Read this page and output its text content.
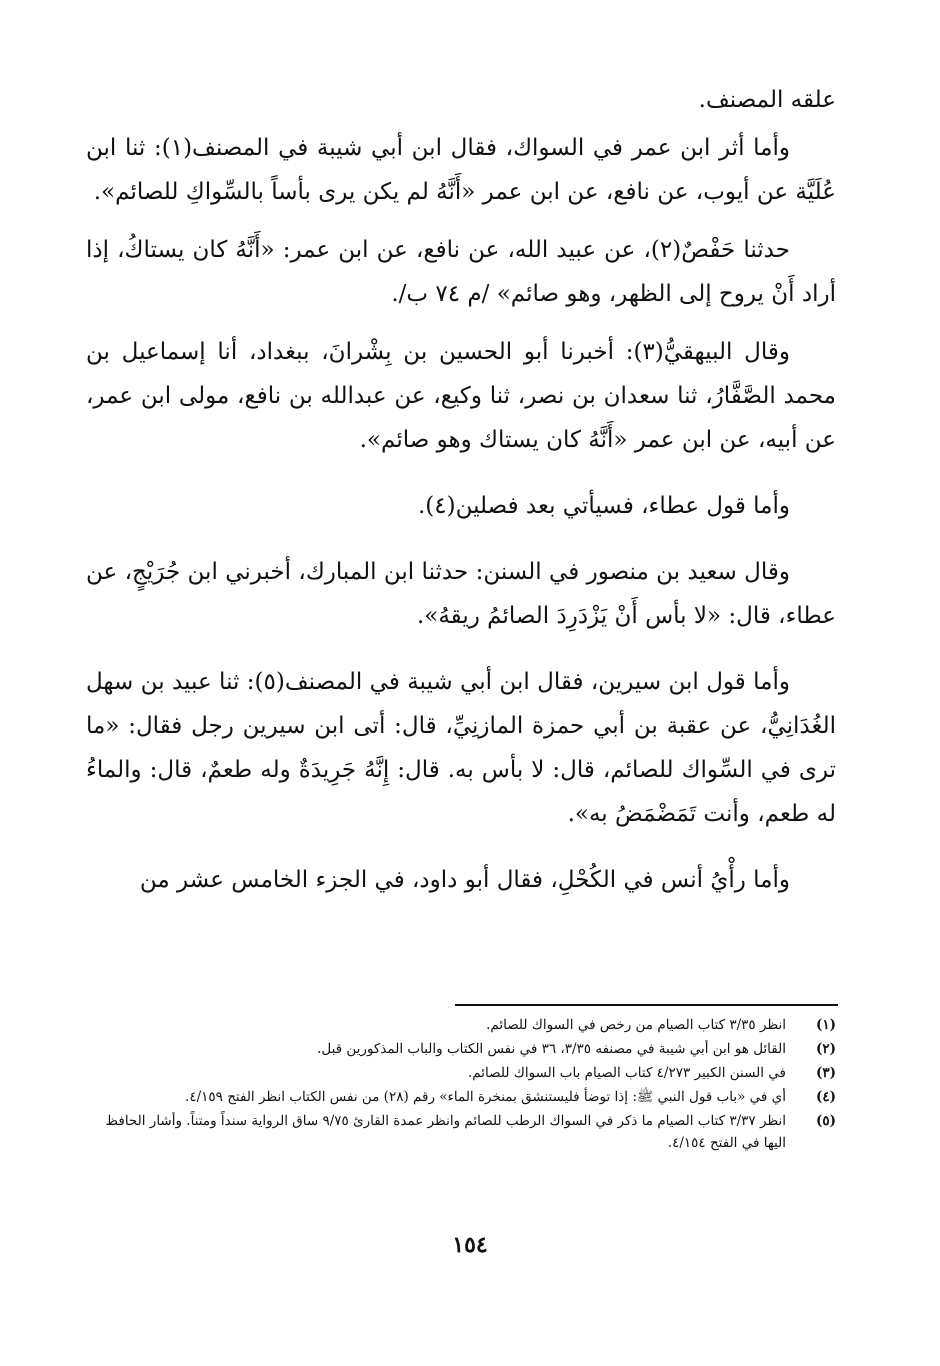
علقه المصنف.

وأما أثر ابن عمر في السواك، فقال ابن أبي شيبة في المصنف(١): ثنا ابن عُلَيَّة عن أيوب، عن نافع، عن ابن عمر «أَنَّهُ لم يكن يرى بأساً بالسِّواكِ للصائم».

حدثنا حَفْصٌ(٢)، عن عبيد الله، عن نافع، عن ابن عمر: «أَنَّهُ كان يستاكُ، إذا أراد أَنْ يروح إلى الظهر، وهو صائم» /م ٧٤ ب/.

وقال البيهقيُّ(٣): أخبرنا أبو الحسين بن بِشْرانَ، ببغداد، أنا إسماعيل بن محمد الصَّفَّارُ، ثنا سعدان بن نصر، ثنا وكيع، عن عبدالله بن نافع، مولى ابن عمر، عن أبيه، عن ابن عمر «أَنَّهُ كان يستاك وهو صائم».

وأما قول عطاء، فسيأتي بعد فصلين(٤).

وقال سعيد بن منصور في السنن: حدثنا ابن المبارك، أخبرني ابن جُرَيْجٍ، عن عطاء، قال: «لا بأس أَنْ يَزْدَرِدَ الصائمُ ريقهُ».

وأما قول ابن سيرين، فقال ابن أبي شيبة في المصنف(٥): ثنا عبيد بن سهل الغُدَانِيُّ، عن عقبة بن أبي حمزة المازنِيِّ، قال: أتى ابن سيرين رجل فقال: «ما ترى في السِّواك للصائم، قال: لا بأس به. قال: إِنَّهُ جَرِيدَةٌ وله طعمٌ، قال: والماءُ له طعم، وأنت تَمَضْمَضُ به».

وأما رأْيُ أنس في الكُحْلِ، فقال أبو داود، في الجزء الخامس عشر من

(١)
انظر ٣/٣٥ كتاب الصيام من رخص في السواك للصائم.
(٢)
القائل هو ابن أبي شيبة في مصنفه ٣/٣٥، ٣٦ في نفس الكتاب والباب المذكورين قبل.
(٣)
في السنن الكبير ٤/٢٧٣ كتاب الصيام باب السواك للصائم.
(٤)
أي في «باب قول النبي ﷺ: إذا توضأ فليستنشق بمنخرة الماء» رقم (٢٨) من نفس الكتاب انظر الفتح ٤/١٥٩.
(٥)
انظر ٣/٣٧ كتاب الصيام ما ذكر في السواك الرطب للصائم وانظر عمدة القارئ ٩/٧٥ ساق الرواية سنداً ومتناً. وأشار الحافظ اليها في الفتح ٤/١٥٤.
١٥٤
